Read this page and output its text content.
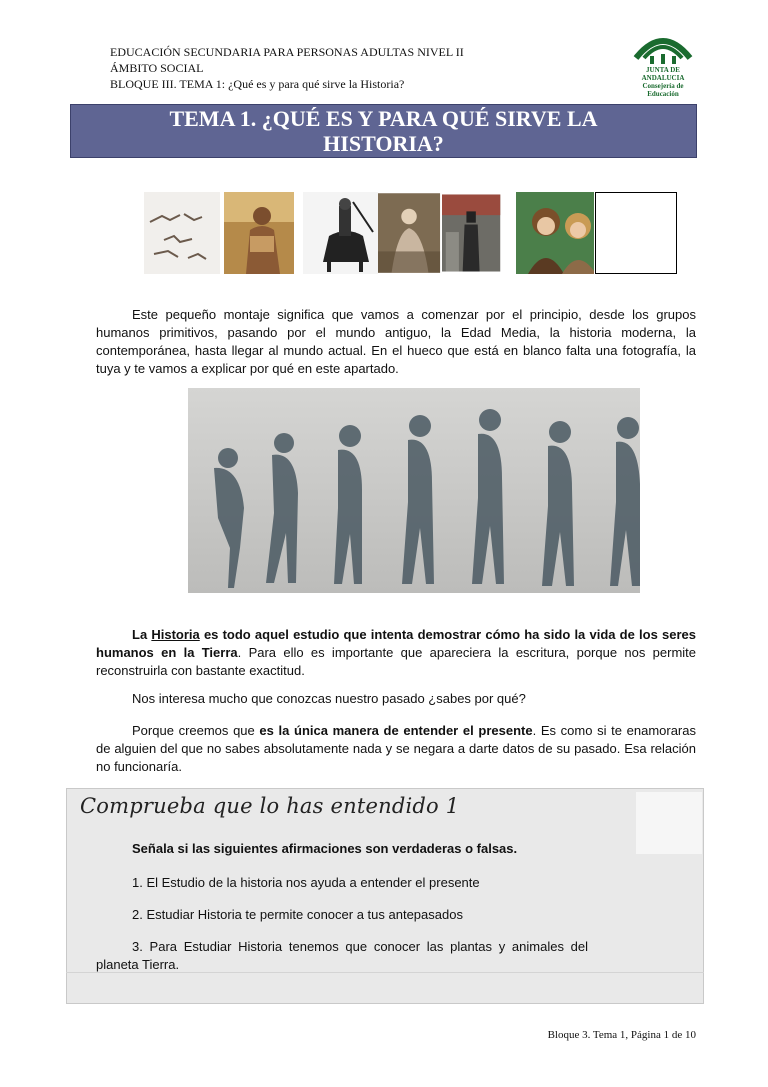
EDUCACIÓN SECUNDARIA PARA PERSONAS ADULTAS NIVEL II
ÁMBITO SOCIAL
BLOQUE III. TEMA 1: ¿Qué es y para qué sirve la Historia?
JUNTA DE ANDALUCIA
Consejería de Educación
TEMA 1. ¿QUÉ ES Y PARA QUÉ SIRVE LA
HISTORIA?
Este pequeño montaje significa que vamos a comenzar por el principio, desde los grupos humanos primitivos, pasando por el mundo antiguo, la Edad Media, la historia moderna, la contemporánea, hasta llegar al mundo actual. En el hueco que está en blanco falta una fotografía, la tuya y te vamos a explicar por qué en este apartado.
La Historia es todo aquel estudio que intenta demostrar cómo ha sido la vida de los seres humanos en la Tierra. Para ello es importante que apareciera la escritura, porque nos permite reconstruirla con bastante exactitud.
Nos interesa mucho que conozcas nuestro pasado ¿sabes por qué?
Porque creemos que es la única manera de entender el presente. Es como si te enamoraras de alguien del que no sabes absolutamente nada y se negara a darte datos de su pasado. Esa relación no funcionaría.
Comprueba que lo has entendido 1
Señala si las siguientes afirmaciones son verdaderas o falsas.
1. El Estudio de la historia nos ayuda a entender el presente
2. Estudiar Historia te permite conocer a tus antepasados
3. Para Estudiar Historia tenemos que conocer las plantas y animales del planeta Tierra.
Bloque 3. Tema 1, Página 1 de 10
